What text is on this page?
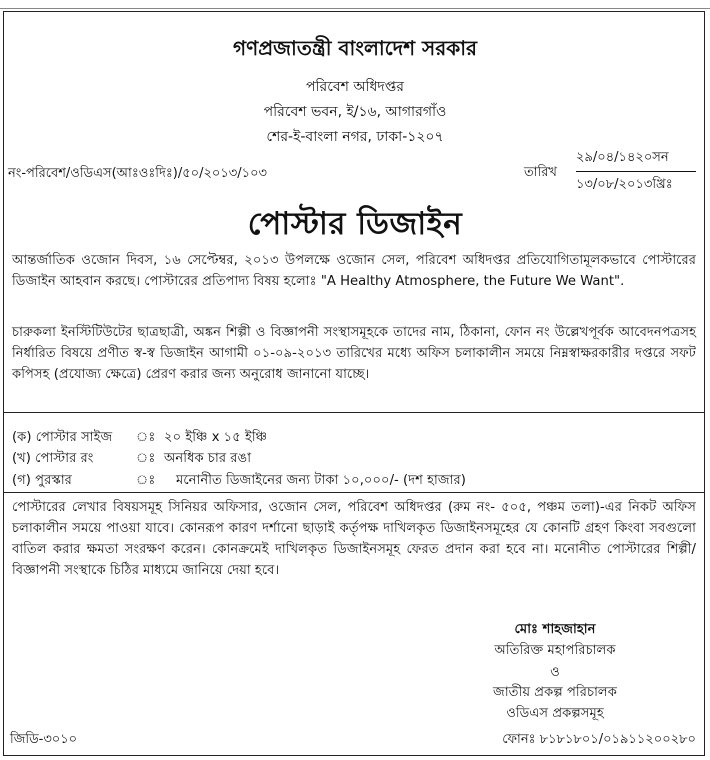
গণপ্রজাতন্ত্রী বাংলাদেশ সরকার
পরিবেশ অধিদপ্তর
পরিবেশ ভবন, ই/১৬, আগারগাঁও
শের-ই-বাংলা নগর, ঢাকা-১২০৭
নং-পরিবেশ/ওডিএস(আঃওঃদিঃ)/৫০/২০১৩/১০৩	তারিখ
২৯/০৪/১৪২০সন
১৩/০৮/২০১৩খ্রিঃ
পোস্টার ডিজাইন
আন্তর্জাতিক ওজোন দিবস, ১৬ সেপ্টেম্বর, ২০১৩ উপলক্ষে ওজোন সেল, পরিবেশ অধিদপ্তর প্রতিযোগিতামূলকভাবে পোস্টারের ডিজাইন আহবান করছে। পোস্টারের প্রতিপাদ্য বিষয় হলোঃ "A Healthy Atmosphere, the Future We Want".
চারুকলা ইনস্টিটিউটের ছাত্রছাত্রী, অঙ্কন শিল্পী ও বিজ্ঞাপনী সংস্থাসমূহকে তাদের নাম, ঠিকানা, ফোন নং উল্লেখপূর্বক আবেদনপত্রসহ নির্ধারিত বিষয়ে প্রণীত স্ব-স্ব ডিজাইন আগামী ০১-০৯-২০১৩ তারিখের মধ্যে অফিস চলাকালীন সময়ে নিম্নস্বাক্ষরকারীর দপ্তরে সফট কপিসহ (প্রযোজ্য ক্ষেত্রে) প্রেরণ করার জন্য অনুরোধ জানানো যাচ্ছে।
(ক) পোস্টার সাইজ ঃ ২০ ইঞ্চি x ১৫ ইঞ্চি
(খ) পোস্টার রং	ঃ অনধিক চার রঙা
(গ) পুরস্কার	ঃ মনোনীত ডিজাইনের জন্য টাকা ১০,০০০/- (দশ হাজার)
পোস্টারের লেখার বিষয়সমূহ সিনিয়র অফিসার, ওজোন সেল, পরিবেশ অধিদপ্তর (রুম নং- ৫০৫, পঞ্চম তলা)-এর নিকট অফিস চলাকালীন সময়ে পাওয়া যাবে। কোনরূপ কারণ দর্শানো ছাড়াই কর্তৃপক্ষ দাখিলকৃত ডিজাইনসমূহের যে কোনটি গ্রহণ কিংবা সবগুলো বাতিল করার ক্ষমতা সংরক্ষণ করেন। কোনক্রমেই দাখিলকৃত ডিজাইনসমূহ ফেরত প্রদান করা হবে না। মনোনীত পোস্টারের শিল্পী/বিজ্ঞাপনী সংস্থাকে চিঠির মাধ্যমে জানিয়ে দেয়া হবে।
মোঃ শাহজাহান
অতিরিক্ত মহাপরিচালক
ও
জাতীয় প্রকল্প পরিচালক
ওডিএস প্রকল্পসমূহ
জিডি-৩০১০	ফোনঃ ৮১৮১৮০১/০১৯১১২০০২৮০
